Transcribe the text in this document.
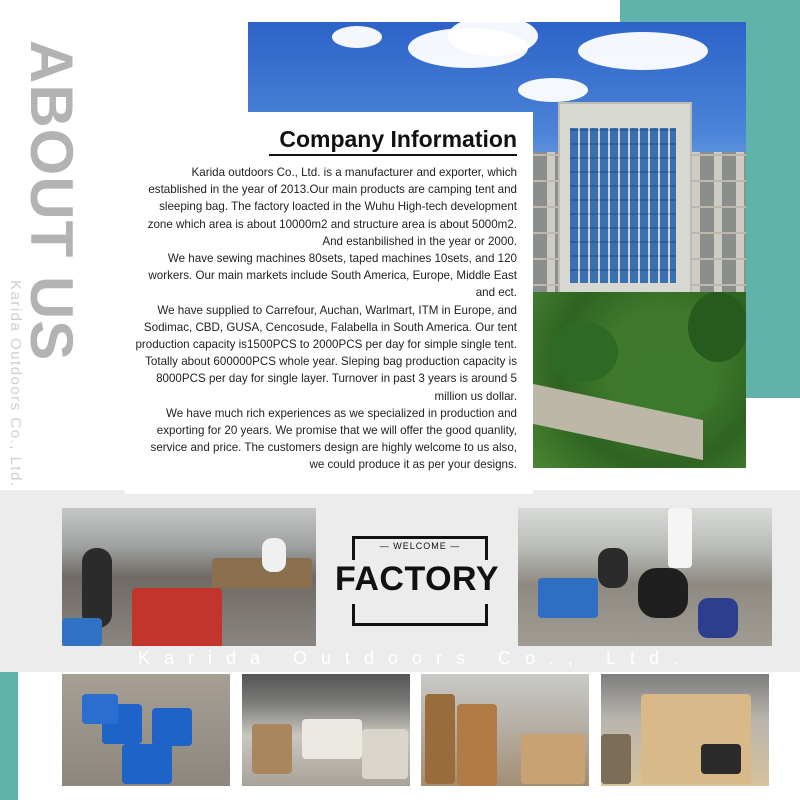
ABOUT US
Karida Outdoors Co., Ltd.
Company Information

Karida outdoors Co., Ltd. is a manufacturer and exporter, which established in the year of 2013.Our main products are camping tent and sleeping bag. The factory loacted in the Wuhu High-tech development zone which area is about 10000m2 and structure area is about 5000m2. And estanbilished in the year or 2000.

We have sewing machines 80sets, taped machines 10sets, and 120 workers. Our main markets include South America, Europe, Middle East and ect.

We have supplied to Carrefour, Auchan, Warlmart, ITM in Europe, and Sodimac, CBD, GUSA, Cencosude, Falabella in South America. Our tent production capacity is1500PCS to 2000PCS per day for simple single tent. Totally about 600000PCS whole year. Sleping bag production capacity is 8000PCS per day for single layer. Turnover in past 3 years is around 5 million us dollar.

We have much rich experiences as we specialized in production and exporting for 20 years. We promise that we will offer the good quanlity, service and price. The customers design are highly welcome to us also, we could produce it as per your designs.

— WELCOME —
FACTORY
Karida Outdoors Co., Ltd.
